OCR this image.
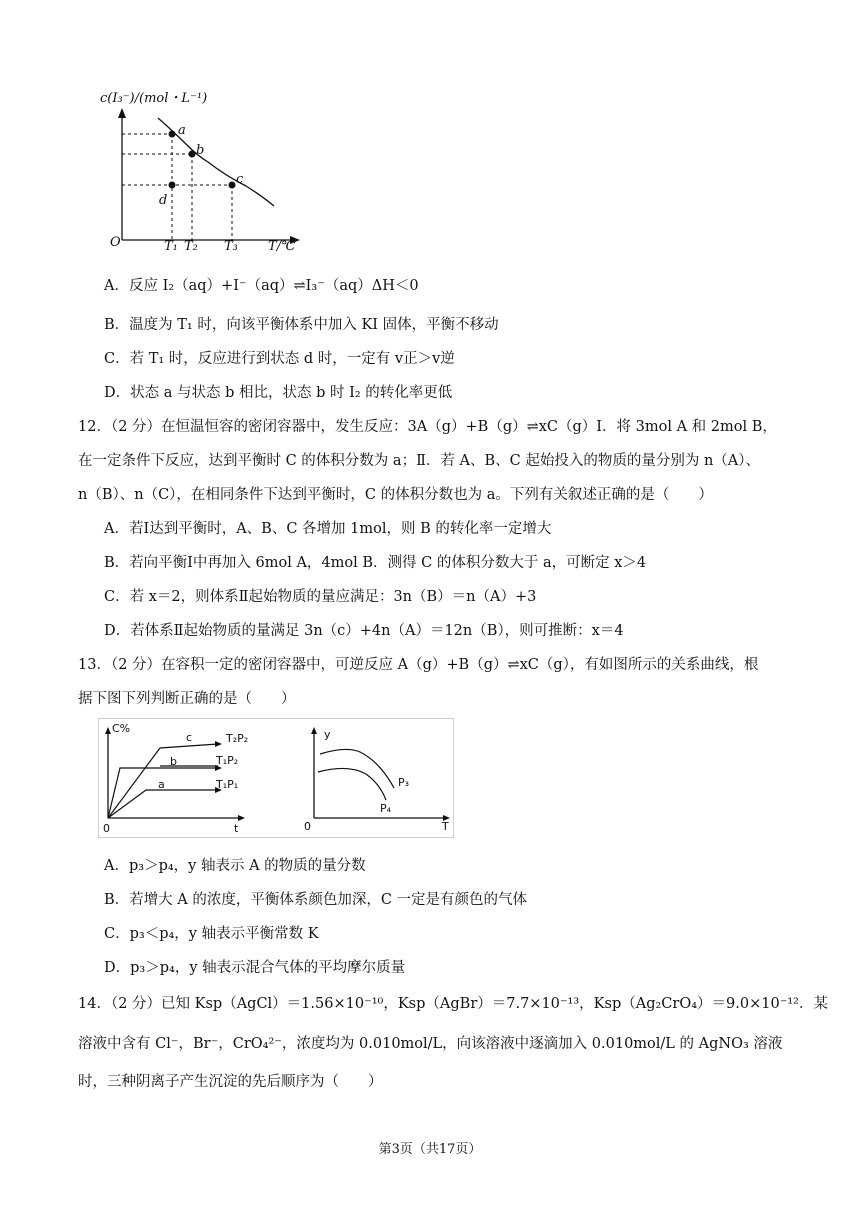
c(I₃⁻)/(mol・L⁻¹)
a
b
c
d
O	T₁ T₂ T₃ T/℃
A．反应 I₂（aq）+I⁻（aq）⇌I₃⁻（aq）ΔH＜0
B．温度为 T₁ 时，向该平衡体系中加入 KI 固体，平衡不移动
C．若 T₁ 时，反应进行到状态 d 时，一定有 v正＞v逆
D．状态 a 与状态 b 相比，状态 b 时 I₂ 的转化率更低
12．（2 分）在恒温恒容的密闭容器中，发生反应：3A（g）+B（g）⇌xC（g）Ⅰ．将 3mol A 和 2mol B，
在一定条件下反应，达到平衡时 C 的体积分数为 a；Ⅱ．若 A、B、C 起始投入的物质的量分别为 n（A）、
n（B）、n（C），在相同条件下达到平衡时，C 的体积分数也为 a。下列有关叙述正确的是（　　）
A．若Ⅰ达到平衡时，A、B、C 各增加 1mol，则 B 的转化率一定增大
B．若向平衡Ⅰ中再加入 6mol A，4mol B．测得 C 的体积分数大于 a，可断定 x＞4
C．若 x＝2，则体系Ⅱ起始物质的量应满足：3n（B）＝n（A）+3
D．若体系Ⅱ起始物质的量满足 3n（c）+4n（A）＝12n（B），则可推断：x＝4
13．（2 分）在容积一定的密闭容器中，可逆反应 A（g）+B（g）⇌xC（g），有如图所示的关系曲线，根
据下图下列判断正确的是（　　）
C%
c
b
a
T₂P₂
T₁P₂
T₁P₁
0	t
y
P₃
P₄
0	T
A．p₃＞p₄，y 轴表示 A 的物质的量分数
B．若增大 A 的浓度，平衡体系颜色加深，C 一定是有颜色的气体
C．p₃＜p₄，y 轴表示平衡常数 K
D．p₃＞p₄，y 轴表示混合气体的平均摩尔质量
14．（2 分）已知 Ksp（AgCl）＝1.56×10⁻¹⁰，Ksp（AgBr）＝7.7×10⁻¹³，Ksp（Ag₂CrO₄）＝9.0×10⁻¹²．某
溶液中含有 Cl⁻，Br⁻，CrO₄²⁻，浓度均为 0.010mol/L，向该溶液中逐滴加入 0.010mol/L 的 AgNO₃ 溶液
时，三种阴离子产生沉淀的先后顺序为（　　）
第3页（共17页）
